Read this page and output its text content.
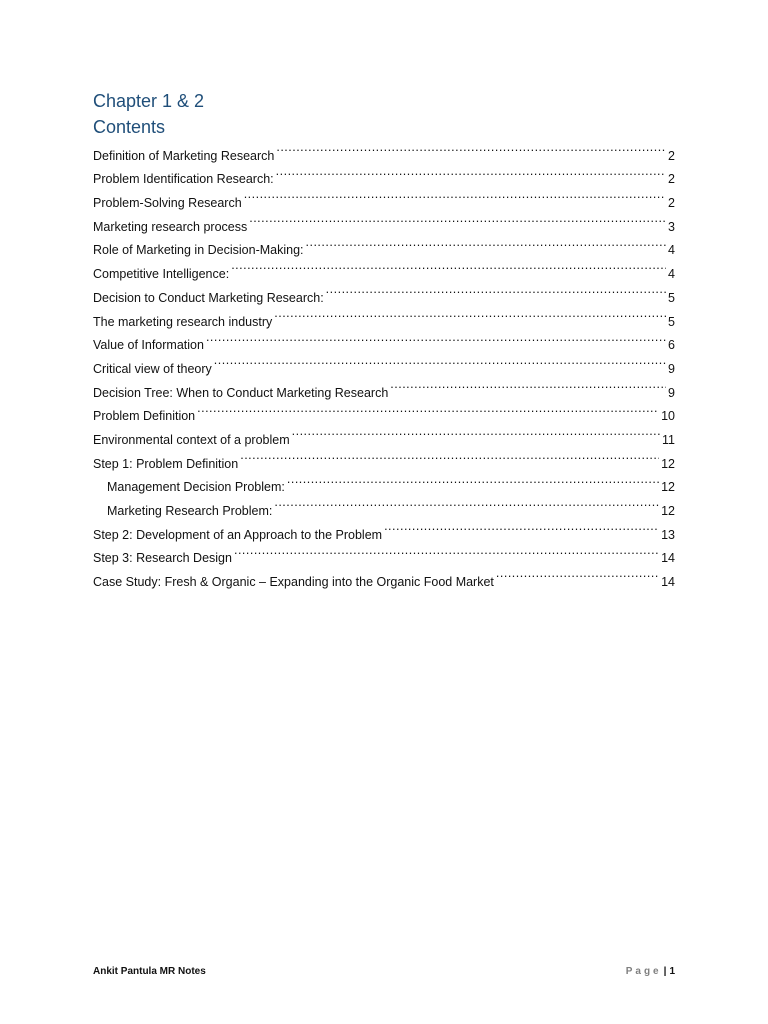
Chapter 1 & 2
Contents
Definition of Marketing Research .....	2
Problem Identification Research: .....	2
Problem-Solving Research .....	2
Marketing research process .....	3
Role of Marketing in Decision-Making: .....	4
Competitive Intelligence: .....	4
Decision to Conduct Marketing Research: .....	5
The marketing research industry .....	5
Value of Information .....	6
Critical view of theory .....	9
Decision Tree: When to Conduct Marketing Research .....	9
Problem Definition .....	10
Environmental context of a problem .....	11
Step 1: Problem Definition .....	12
Management Decision Problem: .....	12
Marketing Research Problem: .....	12
Step 2: Development of an Approach to the Problem .....	13
Step 3: Research Design .....	14
Case Study: Fresh & Organic – Expanding into the Organic Food Market .....	14
Ankit Pantula MR Notes	Page | 1
